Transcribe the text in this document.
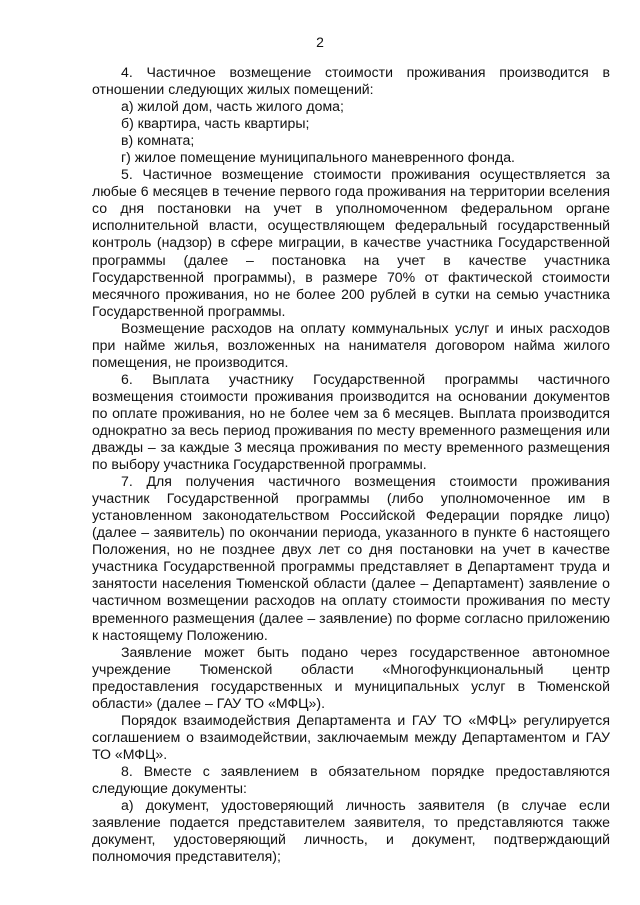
2

4. Частичное возмещение стоимости проживания производится в отношении следующих жилых помещений:

а) жилой дом, часть жилого дома;

б) квартира, часть квартиры;

в) комната;

г) жилое помещение муниципального маневренного фонда.

5. Частичное возмещение стоимости проживания осуществляется за любые 6 месяцев в течение первого года проживания на территории вселения со дня постановки на учет в уполномоченном федеральном органе исполнительной власти, осуществляющем федеральный государственный контроль (надзор) в сфере миграции, в качестве участника Государственной программы (далее – постановка на учет в качестве участника Государственной программы), в размере 70% от фактической стоимости месячного проживания, но не более 200 рублей в сутки на семью участника Государственной программы.

Возмещение расходов на оплату коммунальных услуг и иных расходов при найме жилья, возложенных на нанимателя договором найма жилого помещения, не производится.

6. Выплата участнику Государственной программы частичного возмещения стоимости проживания производится на основании документов по оплате проживания, но не более чем за 6 месяцев. Выплата производится однократно за весь период проживания по месту временного размещения или дважды – за каждые 3 месяца проживания по месту временного размещения по выбору участника Государственной программы.

7. Для получения частичного возмещения стоимости проживания участник Государственной программы (либо уполномоченное им в установленном законодательством Российской Федерации порядке лицо) (далее – заявитель) по окончании периода, указанного в пункте 6 настоящего Положения, но не позднее двух лет со дня постановки на учет в качестве участника Государственной программы представляет в Департамент труда и занятости населения Тюменской области (далее – Департамент) заявление о частичном возмещении расходов на оплату стоимости проживания по месту временного размещения (далее – заявление) по форме согласно приложению к настоящему Положению.

Заявление может быть подано через государственное автономное учреждение Тюменской области «Многофункциональный центр предоставления государственных и муниципальных услуг в Тюменской области» (далее – ГАУ ТО «МФЦ»).

Порядок взаимодействия Департамента и ГАУ ТО «МФЦ» регулируется соглашением о взаимодействии, заключаемым между Департаментом и ГАУ ТО «МФЦ».

8. Вместе с заявлением в обязательном порядке предоставляются следующие документы:

а) документ, удостоверяющий личность заявителя (в случае если заявление подается представителем заявителя, то представляются также документ, удостоверяющий личность, и документ, подтверждающий полномочия представителя);
